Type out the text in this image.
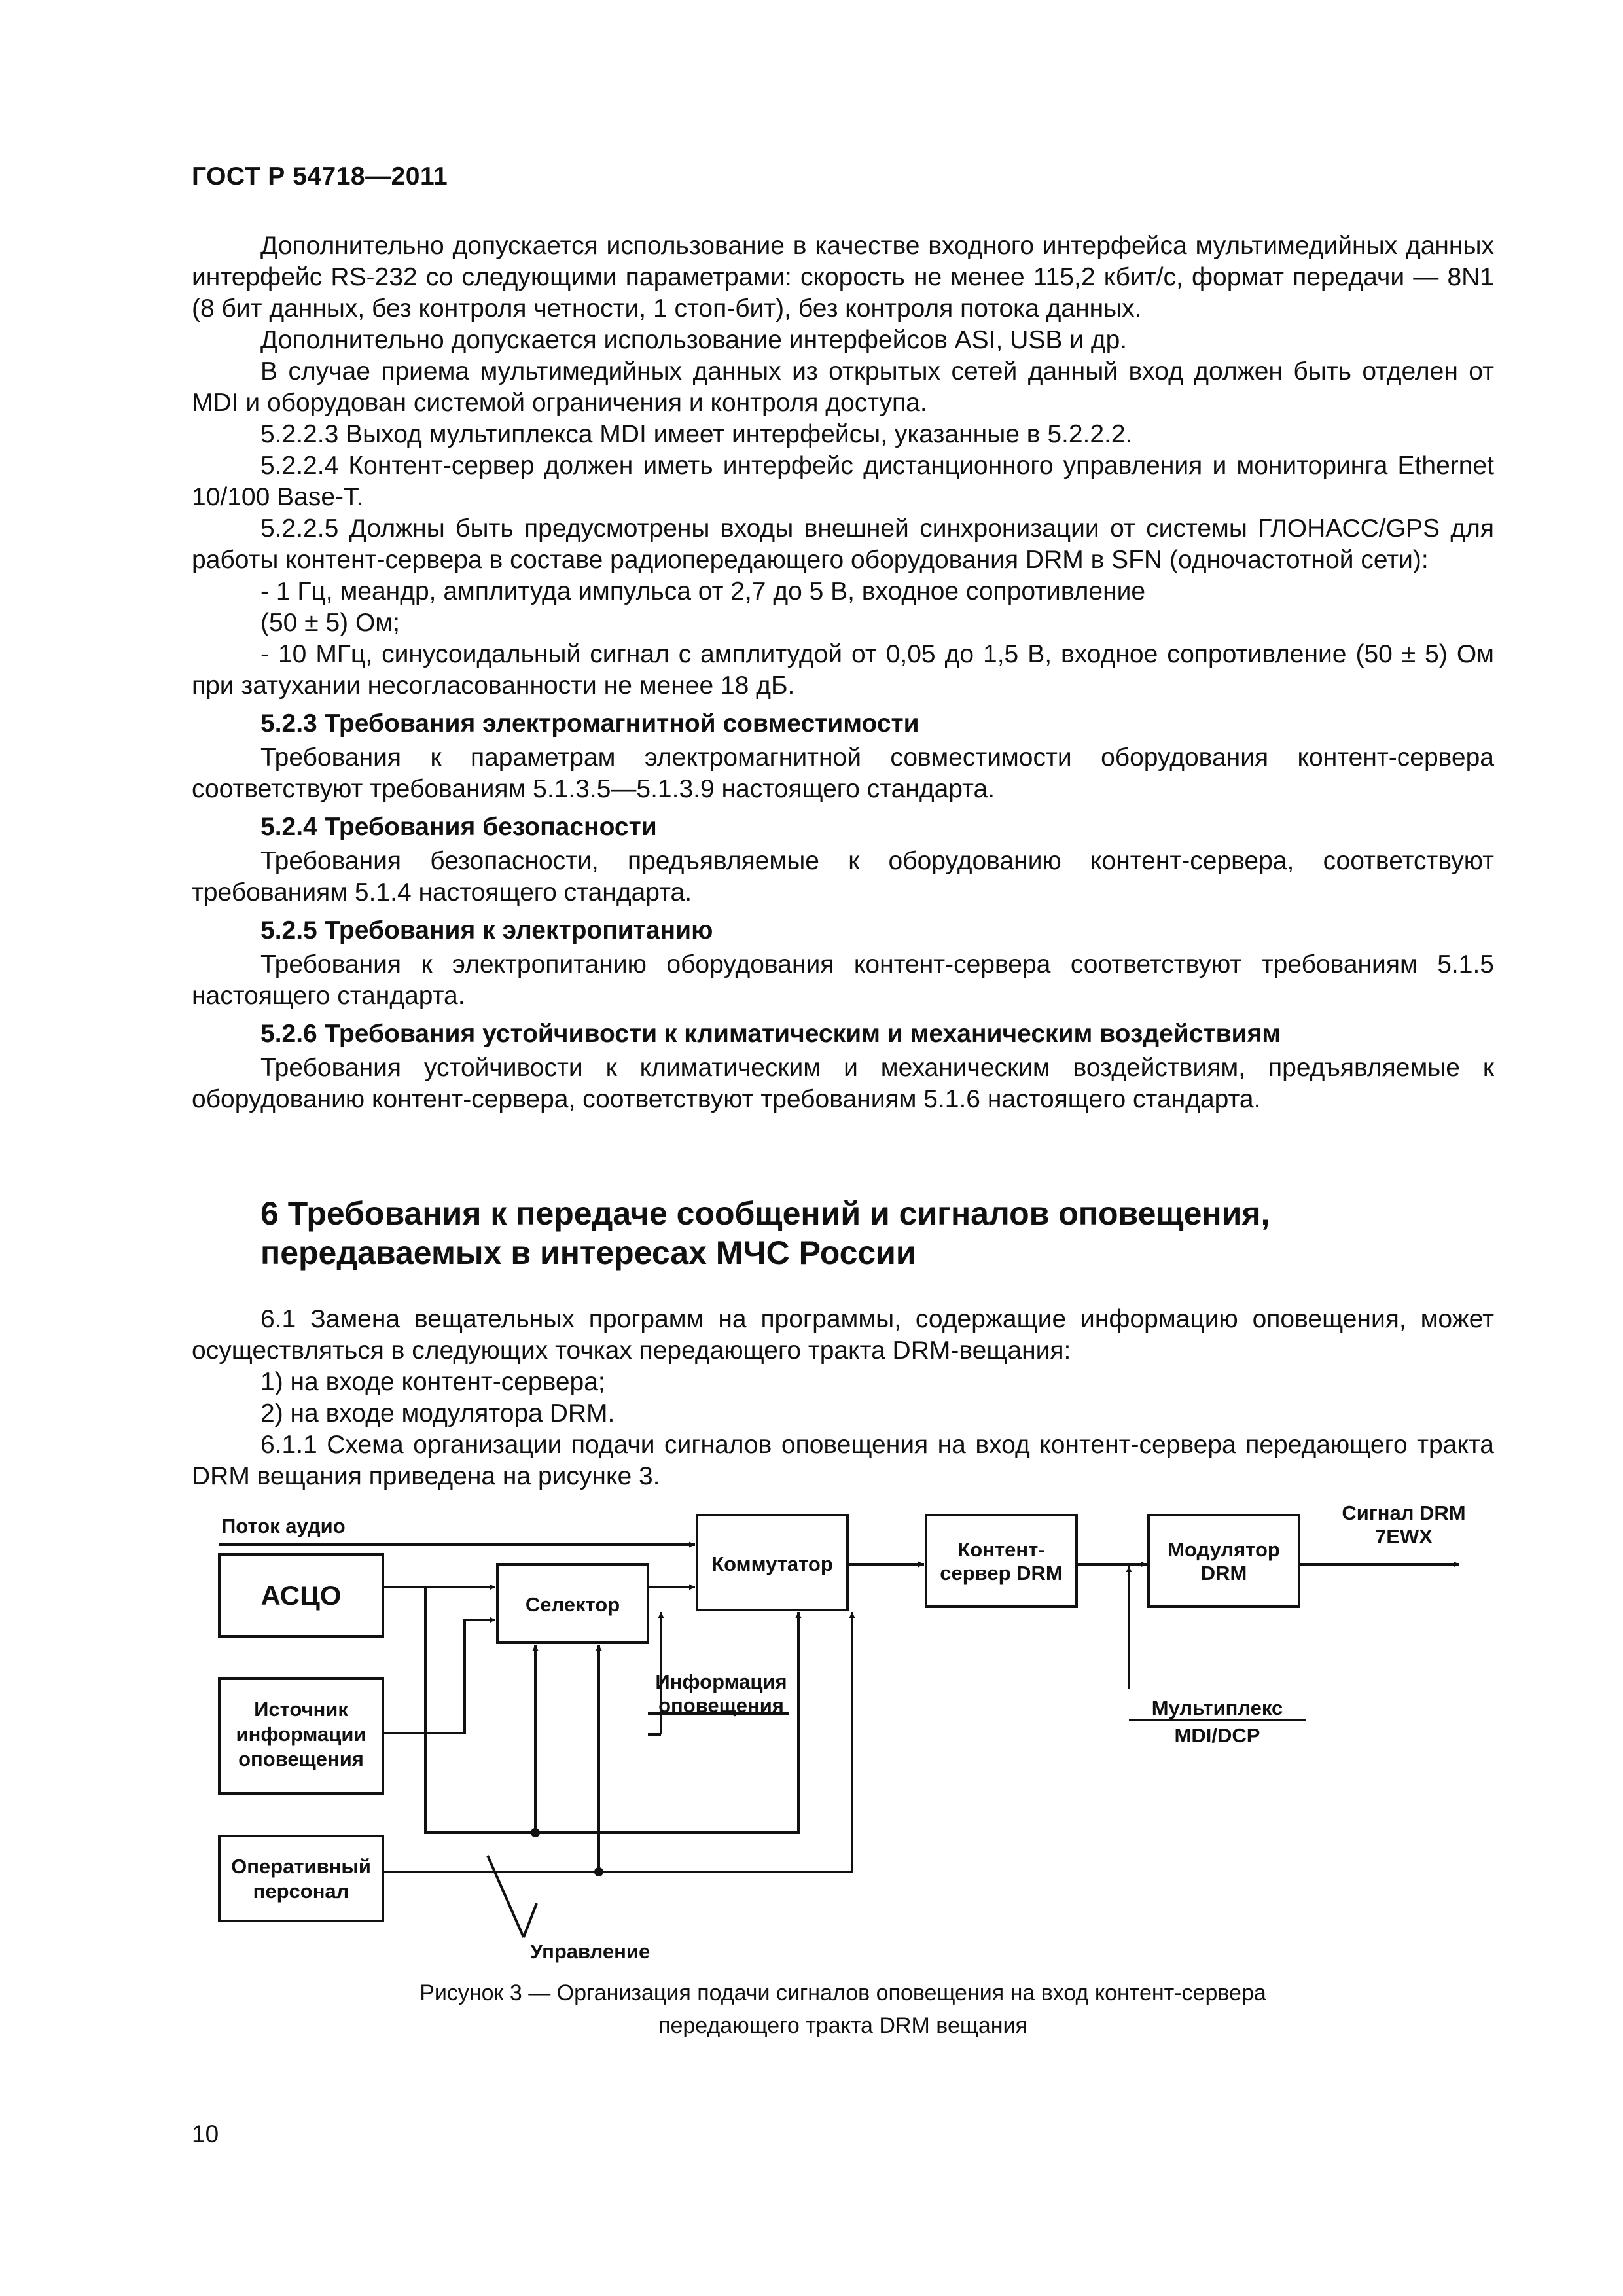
ГОСТ Р 54718—2011

Дополнительно допускается использование в качестве входного интерфейса мультимедийных данных интерфейс RS-232 со следующими параметрами: скорость не менее 115,2 кбит/с, формат передачи — 8N1 (8 бит данных, без контроля четности, 1 стоп-бит), без контроля потока данных.

Дополнительно допускается использование интерфейсов ASI, USB и др.

В случае приема мультимедийных данных из открытых сетей данный вход должен быть отделен от MDI и оборудован системой ограничения и контроля доступа.

5.2.2.3 Выход мультиплекса MDI имеет интерфейсы, указанные в 5.2.2.2.

5.2.2.4 Контент-сервер должен иметь интерфейс дистанционного управления и мониторинга Ethernet 10/100 Base-T.

5.2.2.5 Должны быть предусмотрены входы внешней синхронизации от системы ГЛОНАСС/GPS для работы контент-сервера в составе радиопередающего оборудования DRM в SFN (одночастотной сети):

- 1 Гц, меандр, амплитуда импульса от 2,7 до 5 В, входное сопротивление

(50 ± 5) Ом;

- 10 МГц, синусоидальный сигнал с амплитудой от 0,05 до 1,5 В, входное сопротивление (50 ± 5) Ом при затухании несогласованности не менее 18 дБ.

5.2.3 Требования электромагнитной совместимости

Требования к параметрам электромагнитной совместимости оборудования контент-сервера соответствуют требованиям 5.1.3.5—5.1.3.9 настоящего стандарта.

5.2.4 Требования безопасности

Требования безопасности, предъявляемые к оборудованию контент-сервера, соответствуют требованиям 5.1.4 настоящего стандарта.

5.2.5 Требования к электропитанию

Требования к электропитанию оборудования контент-сервера соответствуют требованиям 5.1.5 настоящего стандарта.

5.2.6 Требования устойчивости к климатическим и механическим воздействиям

Требования устойчивости к климатическим и механическим воздействиям, предъявляемые к оборудованию контент-сервера, соответствуют требованиям 5.1.6 настоящего стандарта.

6 Требования к передаче сообщений и сигналов оповещения, передаваемых в интересах МЧС России

6.1 Замена вещательных программ на программы, содержащие информацию оповещения, может осуществляться в следующих точках передающего тракта DRM-вещания:

1) на входе контент-сервера;

2) на входе модулятора DRM.

6.1.1 Схема организации подачи сигналов оповещения на вход контент-сервера передающего тракта DRM вещания приведена на рисунке 3.

Поток аудио
АСЦО	Селектор
Коммутатор
Контент-
сервер DRM
Модулятор
DRM
Сигнал DRM
7EWX
Источник
информации
оповещения
Информация
оповещения	Мультиплекс
MDI/DCP
Оперативный
персонал
Управление
Рисунок 3 — Организация подачи сигналов оповещения на вход контент-сервера
передающего тракта DRM вещания
10
